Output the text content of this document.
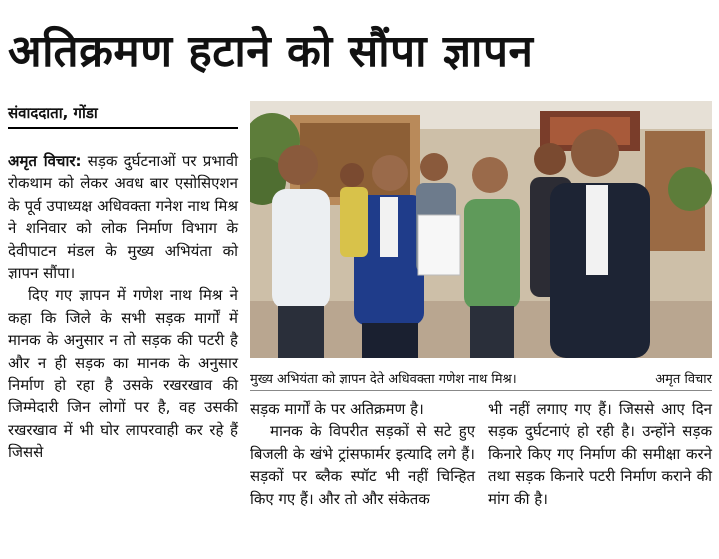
अतिक्रमण हटाने को सौंपा ज्ञापन
संवाददाता, गोंडा

अमृत विचार: सड़क दुर्घटनाओं पर प्रभावी रोकथाम को लेकर अवध बार एसोसिएशन के पूर्व उपाध्यक्ष अधिवक्ता गनेश नाथ मिश्र ने शनिवार को लोक निर्माण विभाग के देवीपाटन मंडल के मुख्य अभियंता को ज्ञापन सौंपा।

दिए गए ज्ञापन में गणेश नाथ मिश्र ने कहा कि जिले के सभी सड़क मार्गों में मानक के अनुसार न तो सड़क की पटरी है और न ही सड़क का मानक के अनुसार निर्माण हो रहा है उसके रखरखाव की जिम्मेदारी जिन लोगों पर है, वह उसकी रखरखाव में भी घोर लापरवाही कर रहे हैं जिससे

मुख्य अभियंता को ज्ञापन देते अधिवक्ता गणेश नाथ मिश्र।	अमृत विचार

सड़क मार्गों के पर अतिक्रमण है।

मानक के विपरीत सड़कों से सटे हुए बिजली के खंभे ट्रांसफार्मर इत्यादि लगे हैं। सड़कों पर ब्लैक स्पॉट भी नहीं चिन्हित किए गए हैं। और तो और संकेतक

भी नहीं लगाए गए हैं। जिससे आए दिन सड़क दुर्घटनाएं हो रही है। उन्होंने सड़क किनारे किए गए निर्माण की समीक्षा करने तथा सड़क किनारे पटरी निर्माण कराने की मांग की है।
